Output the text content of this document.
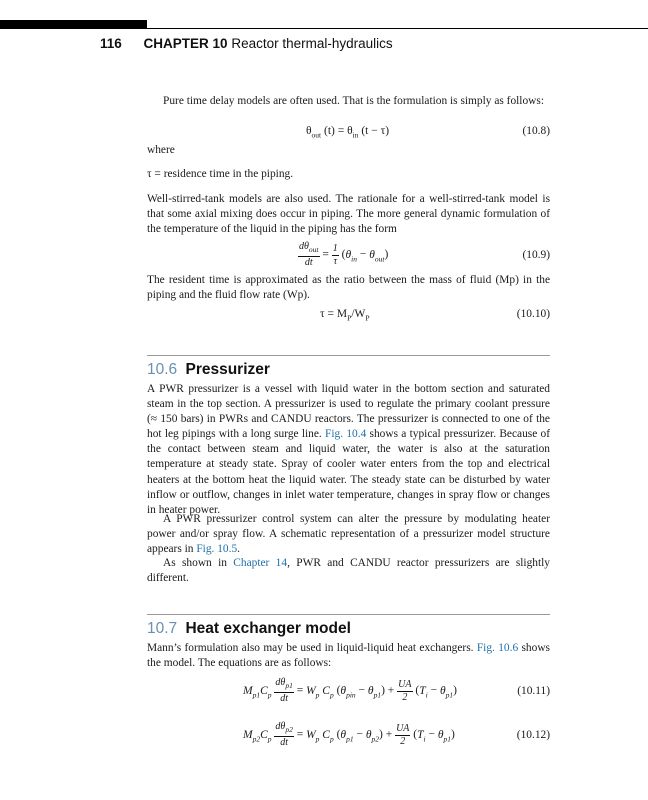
116 CHAPTER 10 Reactor thermal-hydraulics

Pure time delay models are often used. That is the formulation is simply as follows:

$\theta_{out}$ $(t) = \theta_{in}$ (t − τ)	(10.8)

where

τ = residence time in the piping.

Well-stirred-tank models are also used. The rationale for a well-stirred-tank model is that some axial mixing does occur in piping. The more general dynamic formulation of the temperature of the liquid in the piping has the form

$\frac{d\theta_{out}}{dt} = \frac{1}{\tau} (\theta_{in} - \theta_{out})$	(10.9)

The resident time is approximated as the ratio between the mass of fluid (Mp) in the piping and the fluid flow rate (Wp).

$\tau = M_P/W_P$	(10.10)
10.6 Pressurizer

A PWR pressurizer is a vessel with liquid water in the bottom section and saturated steam in the top section. A pressurizer is used to regulate the primary coolant pressure (≈ 150 bars) in PWRs and CANDU reactors. The pressurizer is connected to one of the hot leg pipings with a long surge line. Fig. 10.4 shows a typical pressurizer. Because of the contact between steam and liquid water, the water is also at the saturation temperature at steady state. Spray of cooler water enters from the top and electrical heaters at the bottom heat the liquid water. The steady state can be disturbed by water inflow or outflow, changes in inlet water temperature, changes in spray flow or changes in heater power.

A PWR pressurizer control system can alter the pressure by modulating heater power and/or spray flow. A schematic representation of a pressurizer model structure appears in Fig. 10.5.

As shown in Chapter 14, PWR and CANDU reactor pressurizers are slightly different.

10.7 Heat exchanger model

Mann’s formulation also may be used in liquid-liquid heat exchangers. Fig. 10.6 shows the model. The equations are as follows:

$M_{p1}C_p \frac{d\theta_{p1}}{dt} = W_p$ $C_p$ $(\theta_{pin} - \theta_{p1}) + \frac{UA}{2} (T_i - \theta_{p1})$	(10.11)
$M_{p2}C_p \frac{d\theta_{p2}}{dt} = W_p$ $C_p$ $(\theta_{p1} - \theta_{p2}) + \frac{UA}{2} (T_i - \theta_{p1})$	(10.12)
